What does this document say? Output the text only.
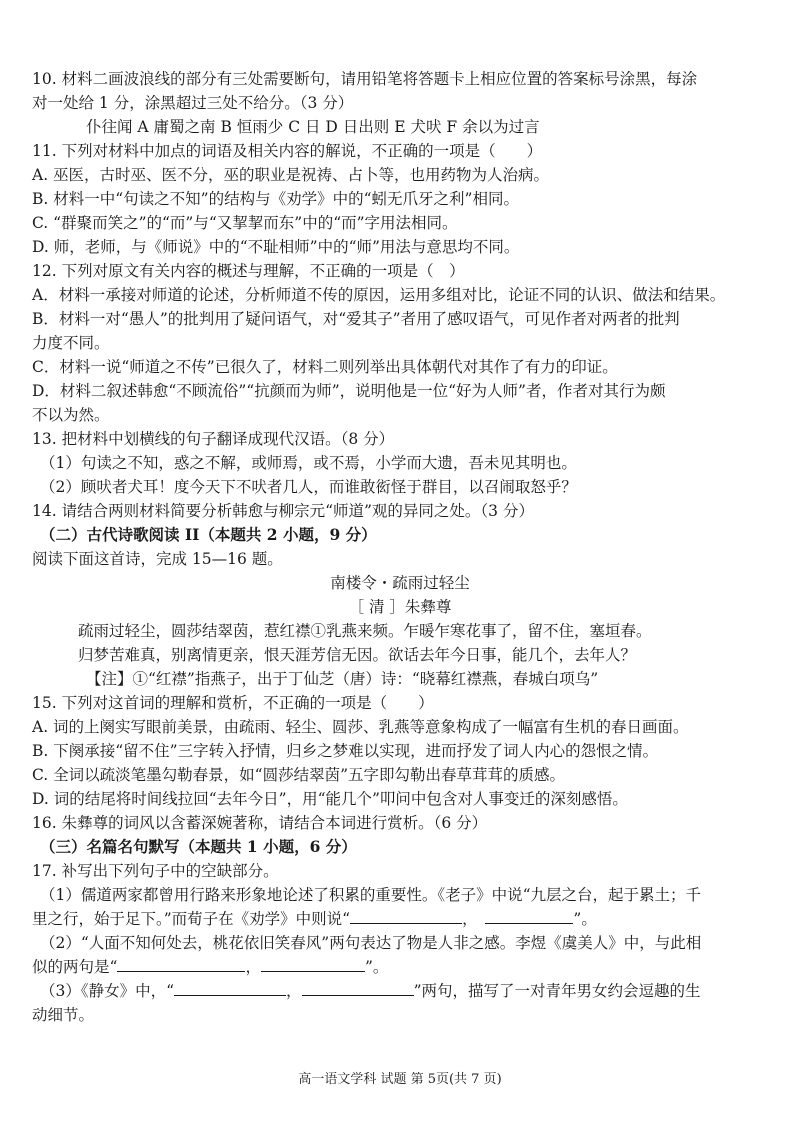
10. 材料二画波浪线的部分有三处需要断句，请用铅笔将答题卡上相应位置的答案标号涂黑，每涂
对一处给 1 分，涂黑超过三处不给分。（3 分）
仆往闻 A 庸蜀之南 B 恒雨少 C 日 D 日出则 E 犬吠 F 余以为过言
11. 下列对材料中加点的词语及相关内容的解说，不正确的一项是（　　）
A. 巫医，古时巫、医不分，巫的职业是祝祷、占卜等，也用药物为人治病。
B. 材料一中“句读之不知”的结构与《劝学》中的“蚓无爪牙之利”相同。
C. “群聚而笑之”的“而”与“又挈挈而东”中的“而”字用法相同。
D. 师，老师，与《师说》中的“不耻相师”中的“师”用法与意思均不同。
12. 下列对原文有关内容的概述与理解，不正确的一项是（　）
A．材料一承接对师道的论述，分析师道不传的原因，运用多组对比，论证不同的认识、做法和结果。
B．材料一对“愚人”的批判用了疑问语气，对“爱其子”者用了感叹语气，可见作者对两者的批判
力度不同。
C．材料一说“师道之不传”已很久了，材料二则列举出具体朝代对其作了有力的印证。
D．材料二叙述韩愈“不顾流俗”“抗颜而为师”，说明他是一位“好为人师”者，作者对其行为颇
不以为然。
13. 把材料中划横线的句子翻译成现代汉语。（8 分）
（1）句读之不知，惑之不解，或师焉，或不焉，小学而大遗，吾未见其明也。
（2）顾吠者犬耳！度今天下不吠者几人，而谁敢衒怪于群目，以召闹取怒乎？
14. 请结合两则材料简要分析韩愈与柳宗元“师道”观的异同之处。（3 分）
（二）古代诗歌阅读 II（本题共 2 小题，9 分）
阅读下面这首诗，完成 15—16 题。
南楼令・疏雨过轻尘
［ 清 ］朱彝尊
疏雨过轻尘，圆莎结翠茵，惹红襟①乳燕来频。乍暖乍寒花事了，留不住，塞垣春。
归梦苦难真，别离情更亲，恨天涯芳信无因。欲话去年今日事，能几个，去年人？
【注】①“红襟”指燕子，出于丁仙芝（唐）诗：“晓幕红襟燕，春城白项乌”
15. 下列对这首词的理解和赏析，不正确的一项是（　　）
A. 词的上阕实写眼前美景，由疏雨、轻尘、圆莎、乳燕等意象构成了一幅富有生机的春日画面。
B. 下阕承接“留不住”三字转入抒情，归乡之梦难以实现，进而抒发了词人内心的怨恨之情。
C. 全词以疏淡笔墨勾勒春景，如“圆莎结翠茵”五字即勾勒出春草茸茸的质感。
D. 词的结尾将时间线拉回“去年今日”，用“能几个”叩问中包含对人事变迁的深刻感悟。
16. 朱彝尊的词风以含蓄深婉著称，请结合本词进行赏析。（6 分）
（三）名篇名句默写（本题共 1 小题，6 分）
17. 补写出下列句子中的空缺部分。
（1）儒道两家都曾用行路来形象地论述了积累的重要性。《老子》中说“九层之台，起于累土；千
里之行，始于足下。”而荀子在《劝学》中则说“	，　	”。
（2）“人面不知何处去，桃花依旧笑春风”两句表达了物是人非之感。李煜《虞美人》中，与此相
似的两句是“	，	”。
（3）《静女》中，“	，	”两句，描写了一对青年男女约会逗趣的生
动细节。
高一语文学科 试题 第 5页(共 7 页)
